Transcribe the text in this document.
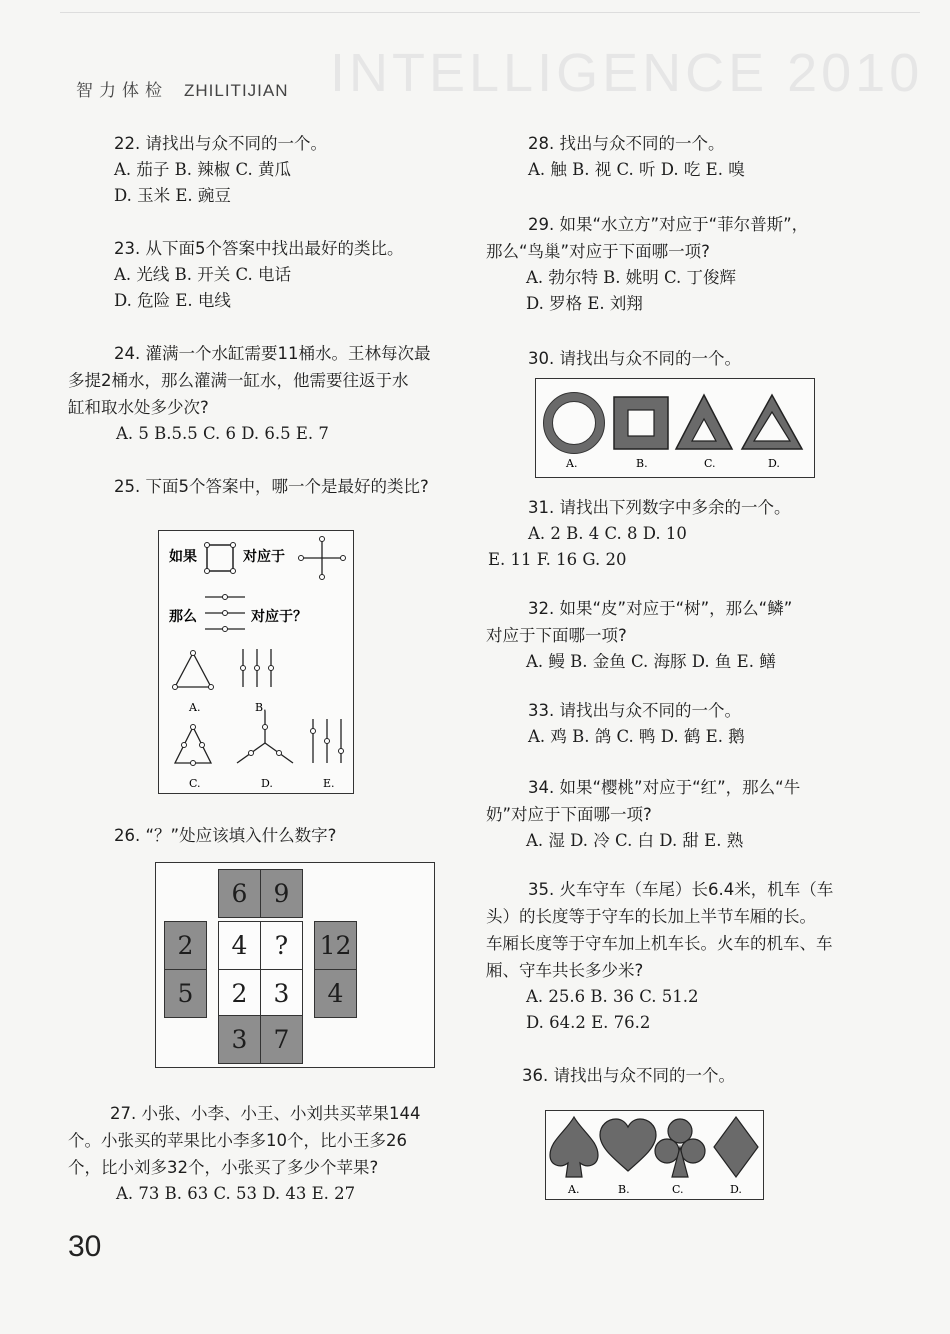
INTELLIGENCE 2010
智力体检 ZHILITIJIAN
22. 请找出与众不同的一个。
A. 茄子 B. 辣椒 C. 黄瓜
D. 玉米 E. 豌豆
23. 从下面5个答案中找出最好的类比。
A. 光线 B. 开关 C. 电话
D. 危险 E. 电线
24. 灌满一个水缸需要11桶水。王林每次最
多提2桶水，那么灌满一缸水，他需要往返于水
缸和取水处多少次?
A. 5 B.5.5 C. 6 D. 6.5 E. 7
25. 下面5个答案中，哪一个是最好的类比?
如果	对应于
那么	对应于？
A.	B.
C.	D.	E.
26. “？”处应该填入什么数字?
6	9
2	4	?	12
5	2	3	4
3	7
27. 小张、小李、小王、小刘共买苹果144
个。小张买的苹果比小李多10个，比小王多26
个，比小刘多32个，小张买了多少个苹果?
A. 73 B. 63 C. 53 D. 43 E. 27
28. 找出与众不同的一个。
A. 触 B. 视 C. 听 D. 吃 E. 嗅
29. 如果“水立方”对应于“菲尔普斯”，
那么“鸟巢”对应于下面哪一项?
A. 勃尔特 B. 姚明 C. 丁俊辉
D. 罗格 E. 刘翔
30. 请找出与众不同的一个。
A.	B.	C.	D.
31. 请找出下列数字中多余的一个。
A. 2 B. 4 C. 8 D. 10
E. 11 F. 16 G. 20
32. 如果“皮”对应于“树”，那么“鳞”
对应于下面哪一项?
A. 鳗 B. 金鱼 C. 海豚 D. 鱼 E. 鳝
33. 请找出与众不同的一个。
A. 鸡 B. 鸽 C. 鸭 D. 鹤 E. 鹅
34. 如果“樱桃”对应于“红”，那么“牛
奶”对应于下面哪一项?
A. 湿 D. 冷 C. 白 D. 甜 E. 熟
35. 火车守车（车尾）长6.4米，机车（车
头）的长度等于守车的长加上半节车厢的长。
车厢长度等于守车加上机车长。火车的机车、车
厢、守车共长多少米?
A. 25.6 B. 36 C. 51.2
D. 64.2 E. 76.2
36. 请找出与众不同的一个。
A.	B.	C.	D.
30
